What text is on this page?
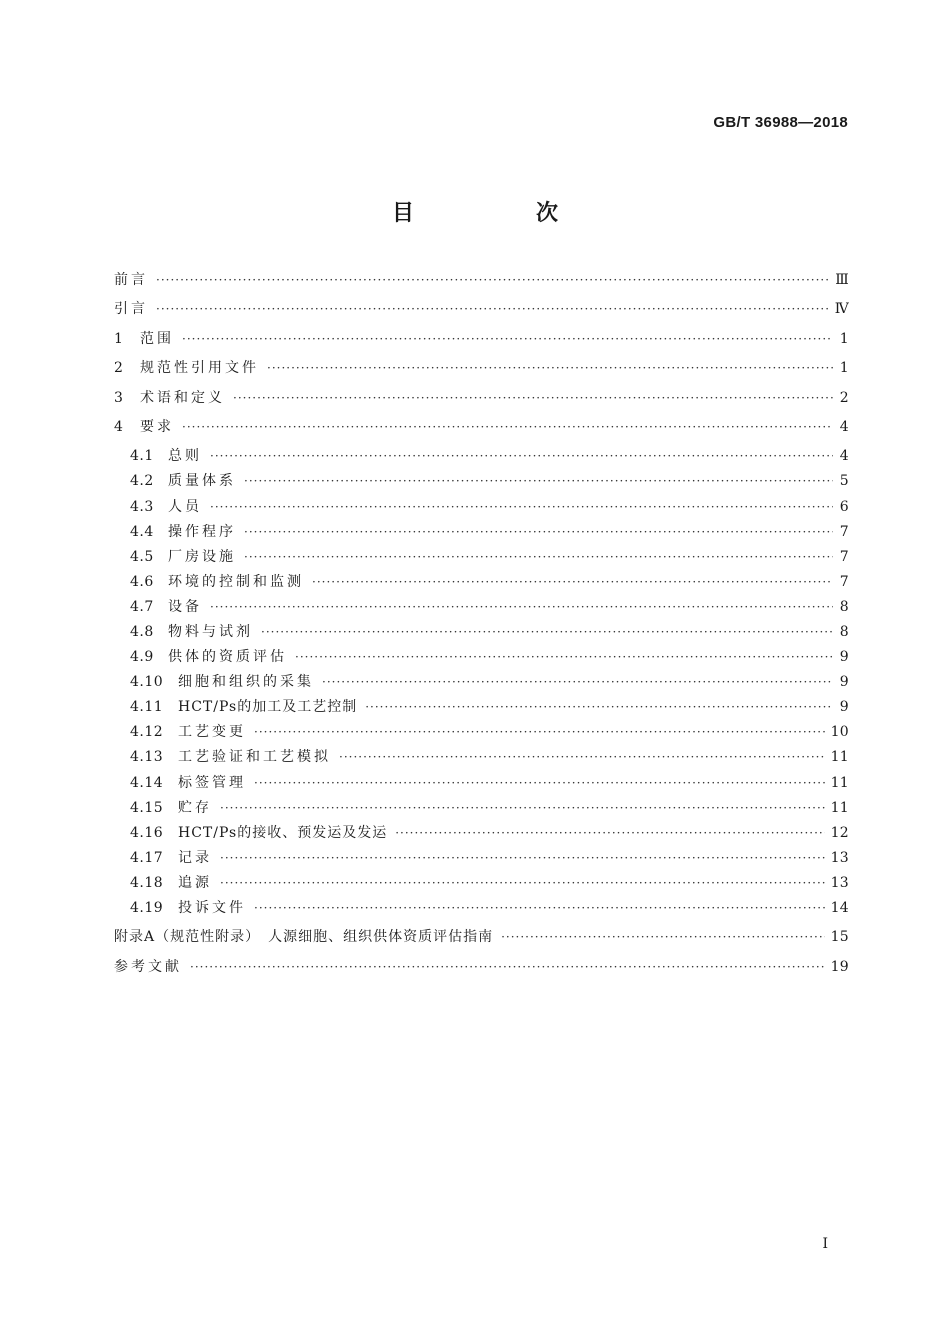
GB/T 36988—2018
目　次
前言 ·····	Ⅲ
引言 ·····	Ⅳ
1	范围 ·····	1
2	规范性引用文件 ·····	1
3	术语和定义 ·····	2
4	要求 ·····	4
4.1	总则 ·····	4
4.2	质量体系 ·····	5
4.3	人员 ·····	6
4.4	操作程序 ·····	7
4.5	厂房设施 ·····	7
4.6	环境的控制和监测 ·····	7
4.7	设备 ·····	8
4.8	物料与试剂 ·····	8
4.9	供体的资质评估 ·····	9
4.10	细胞和组织的采集 ·····	9
4.11	HCT/Ps的加工及工艺控制 ·····	9
4.12	工艺变更 ·····	10
4.13	工艺验证和工艺模拟 ·····	11
4.14	标签管理 ·····	11
4.15	贮存 ·····	11
4.16	HCT/Ps的接收、预发运及发运 ·····	12
4.17	记录 ·····	13
4.18	追源 ·····	13
4.19	投诉文件 ·····	14
附录A（规范性附录）　人源细胞、组织供体资质评估指南 ·····	15
参考文献 ·····	19
I
